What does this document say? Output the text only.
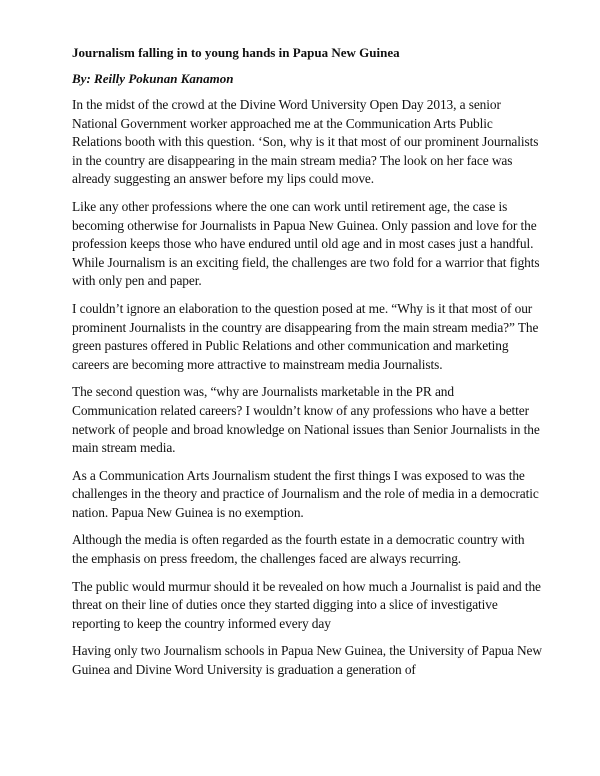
Journalism falling in to young hands in Papua New Guinea
By: Reilly Pokunan Kanamon

In the midst of the crowd at the Divine Word University Open Day 2013, a senior National Government worker approached me at the Communication Arts Public Relations booth with this question. ‘Son, why is it that most of our prominent Journalists in the country are disappearing in the main stream media? The look on her face was already suggesting an answer before my lips could move.

Like any other professions where the one can work until retirement age, the case is becoming otherwise for Journalists in Papua New Guinea. Only passion and love for the profession keeps those who have endured until old age and in most cases just a handful. While Journalism is an exciting field, the challenges are two fold for a warrior that fights with only pen and paper.

I couldn’t ignore an elaboration to the question posed at me. “Why is it that most of our prominent Journalists in the country are disappearing from the main stream media?” The green pastures offered in Public Relations and other communication and marketing careers are becoming more attractive to mainstream media Journalists.

The second question was, “why are Journalists marketable in the PR and Communication related careers? I wouldn’t know of any professions who have a better network of people and broad knowledge on National issues than Senior Journalists in the main stream media.

As a Communication Arts Journalism student the first things I was exposed to was the challenges in the theory and practice of Journalism and the role of media in a democratic nation. Papua New Guinea is no exemption.

Although the media is often regarded as the fourth estate in a democratic country with the emphasis on press freedom, the challenges faced are always recurring.

The public would murmur should it be revealed on how much a Journalist is paid and the threat on their line of duties once they started digging into a slice of investigative reporting to keep the country informed every day

Having only two Journalism schools in Papua New Guinea, the University of Papua New Guinea and Divine Word University is graduation a generation of
